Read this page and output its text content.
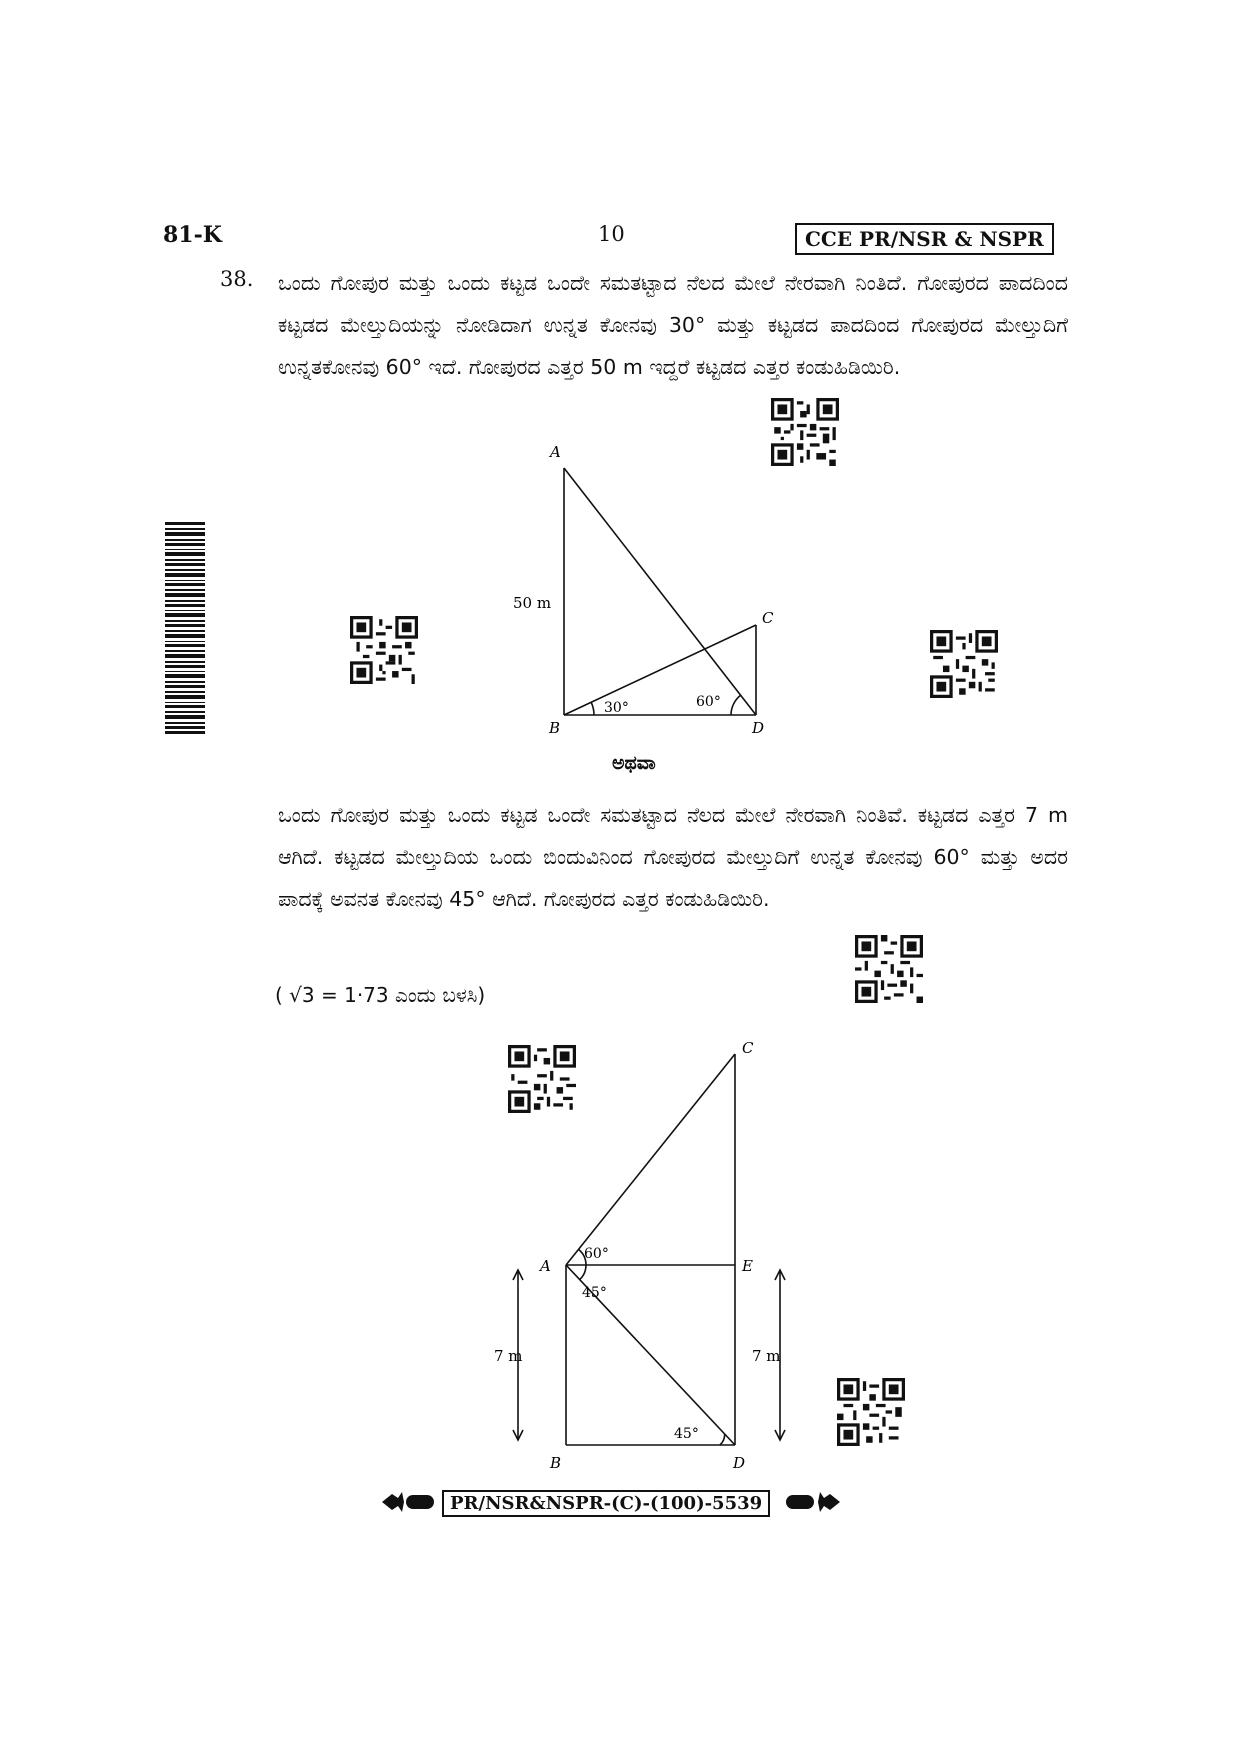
81-K	10	CCE PR/NSR & NSPR
38. ಒಂದು ಗೋಪುರ ಮತ್ತು ಒಂದು ಕಟ್ಟಡ ಒಂದೇ ಸಮತಟ್ಟಾದ ನೆಲದ ಮೇಲೆ ನೇರವಾಗಿ ನಿಂತಿದೆ. ಗೋಪುರದ ಪಾದದಿಂದ ಕಟ್ಟಡದ ಮೇಲ್ತುದಿಯನ್ನು ನೋಡಿದಾಗ ಉನ್ನತ ಕೋನವು 30° ಮತ್ತು ಕಟ್ಟಡದ ಪಾದದಿಂದ ಗೋಪುರದ ಮೇಲ್ತುದಿಗೆ ಉನ್ನತಕೋನವು 60° ಇದೆ. ಗೋಪುರದ ಎತ್ತರ 50 m ಇದ್ದರೆ ಕಟ್ಟಡದ ಎತ್ತರ ಕಂಡುಹಿಡಿಯಿರಿ.
A
50 m
C
B	D
30°	60°
ಅಥವಾ
ಒಂದು ಗೋಪುರ ಮತ್ತು ಒಂದು ಕಟ್ಟಡ ಒಂದೇ ಸಮತಟ್ಟಾದ ನೆಲದ ಮೇಲೆ ನೇರವಾಗಿ ನಿಂತಿವೆ. ಕಟ್ಟಡದ ಎತ್ತರ 7 m ಆಗಿದೆ. ಕಟ್ಟಡದ ಮೇಲ್ತುದಿಯ ಒಂದು ಬಿಂದುವಿನಿಂದ ಗೋಪುರದ ಮೇಲ್ತುದಿಗೆ ಉನ್ನತ ಕೋನವು 60° ಮತ್ತು ಅದರ ಪಾದಕ್ಕೆ ಅವನತ ಕೋನವು 45° ಆಗಿದೆ. ಗೋಪುರದ ಎತ್ತರ ಕಂಡುಹಿಡಿಯಿರಿ.
( √3 = 1·73 ಎಂದು ಬಳಸಿ)
C
A	E
B	D
60°
45°
45°
7 m	7 m
PR/NSR&NSPR-(C)-(100)-5539
